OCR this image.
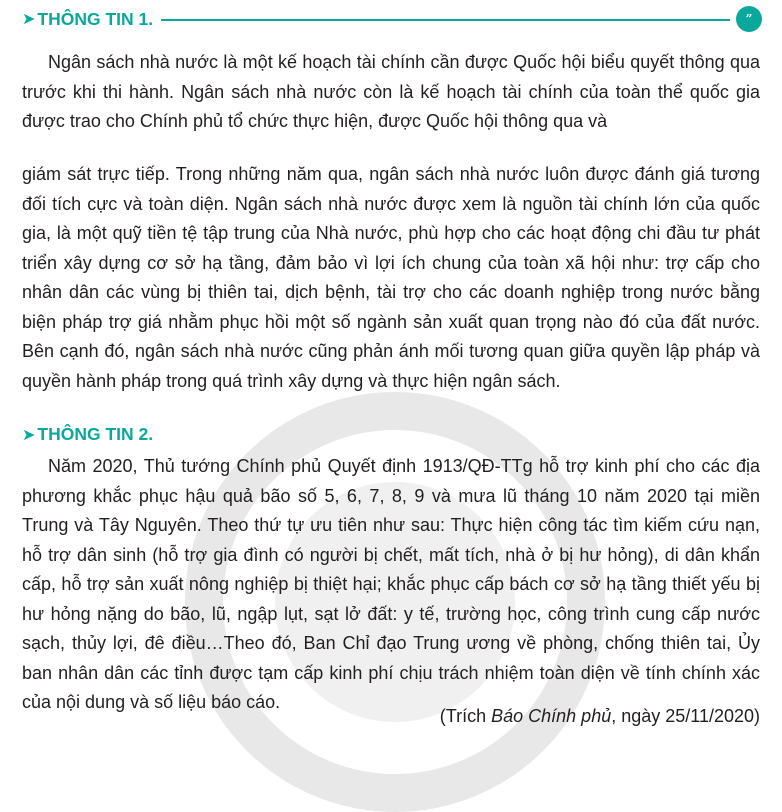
➤ THÔNG TIN 1.	”

Ngân sách nhà nước là một kế hoạch tài chính cần được Quốc hội biểu quyết thông qua trước khi thi hành. Ngân sách nhà nước còn là kế hoạch tài chính của toàn thể quốc gia được trao cho Chính phủ tổ chức thực hiện, được Quốc hội thông qua và

giám sát trực tiếp. Trong những năm qua, ngân sách nhà nước luôn được đánh giá tương đối tích cực và toàn diện. Ngân sách nhà nước được xem là nguồn tài chính lớn của quốc gia, là một quỹ tiền tệ tập trung của Nhà nước, phù hợp cho các hoạt động chi đầu tư phát triển xây dựng cơ sở hạ tầng, đảm bảo vì lợi ích chung của toàn xã hội như: trợ cấp cho nhân dân các vùng bị thiên tai, dịch bệnh, tài trợ cho các doanh nghiệp trong nước bằng biện pháp trợ giá nhằm phục hồi một số ngành sản xuất quan trọng nào đó của đất nước. Bên cạnh đó, ngân sách nhà nước cũng phản ánh mối tương quan giữa quyền lập pháp và quyền hành pháp trong quá trình xây dựng và thực hiện ngân sách.

➤ THÔNG TIN 2.

Năm 2020, Thủ tướng Chính phủ Quyết định 1913/QĐ-TTg hỗ trợ kinh phí cho các địa phương khắc phục hậu quả bão số 5, 6, 7, 8, 9 và mưa lũ tháng 10 năm 2020 tại miền Trung và Tây Nguyên. Theo thứ tự ưu tiên như sau: Thực hiện công tác tìm kiếm cứu nạn, hỗ trợ dân sinh (hỗ trợ gia đình có người bị chết, mất tích, nhà ở bị hư hỏng), di dân khẩn cấp, hỗ trợ sản xuất nông nghiệp bị thiệt hại; khắc phục cấp bách cơ sở hạ tầng thiết yếu bị hư hỏng nặng do bão, lũ, ngập lụt, sạt lở đất: y tế, trường học, công trình cung cấp nước sạch, thủy lợi, đê điều…Theo đó, Ban Chỉ đạo Trung ương về phòng, chống thiên tai, Ủy ban nhân dân các tỉnh được tạm cấp kinh phí chịu trách nhiệm toàn diện về tính chính xác của nội dung và số liệu báo cáo.

(Trích Báo Chính phủ, ngày 25/11/2020)
